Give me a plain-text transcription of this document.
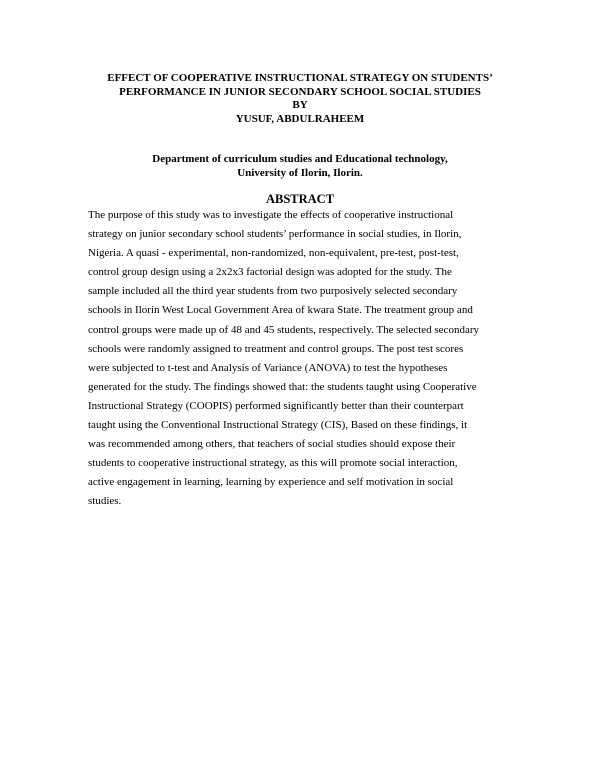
EFFECT OF COOPERATIVE INSTRUCTIONAL STRATEGY ON STUDENTS’
PERFORMANCE IN JUNIOR SECONDARY SCHOOL SOCIAL STUDIES
BY
YUSUF, ABDULRAHEEM
Department of curriculum studies and Educational technology,
University of Ilorin, Ilorin.
ABSTRACT
The purpose of this study was to investigate the effects of cooperative instructional
strategy on junior secondary school students’ performance in social studies, in Ilorin,
Nigeria. A quasi - experimental, non-randomized, non-equivalent, pre-test, post-test,
control group design using a 2x2x3 factorial design was adopted for the study. The
sample included all the third year students from two purposively selected secondary
schools in Ilorin West Local Government Area of kwara State. The treatment group and
control groups were made up of 48 and 45 students, respectively. The selected secondary
schools were randomly assigned to treatment and control groups. The post test scores
were subjected to t-test and Analysis of Variance (ANOVA) to test the hypotheses
generated for the study. The findings showed that: the students taught using Cooperative
Instructional Strategy (COOPIS) performed significantly better than their counterpart
taught using the Conventional Instructional Strategy (CIS), Based on these findings, it
was recommended among others, that teachers of social studies should expose their
students to cooperative instructional strategy, as this will promote social interaction,
active engagement in learning, learning by experience and self motivation in social
studies.
